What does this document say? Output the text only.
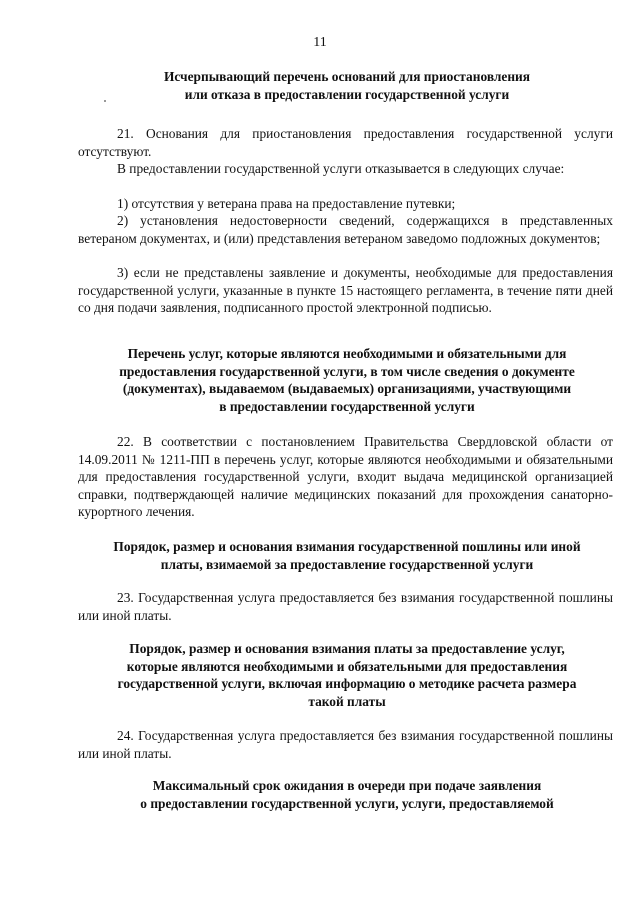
11
Исчерпывающий перечень оснований для приостановления
или отказа в предоставлении государственной услуги
21. Основания для приостановления предоставления государственной услуги отсутствуют.
В предоставлении государственной услуги отказывается в следующих случае:
1) отсутствия у ветерана права на предоставление путевки;
2) установления недостоверности сведений, содержащихся в представленных ветераном документах, и (или) представления ветераном заведомо подложных документов;
3) если не представлены заявление и документы, необходимые для предоставления государственной услуги, указанные в пункте 15 настоящего регламента, в течение пяти дней со дня подачи заявления, подписанного простой электронной подписью.
Перечень услуг, которые являются необходимыми и обязательными для
предоставления государственной услуги, в том числе сведения о документе
(документах), выдаваемом (выдаваемых) организациями, участвующими
в предоставлении государственной услуги
22. В соответствии с постановлением Правительства Свердловской области от 14.09.2011 № 1211-ПП в перечень услуг, которые являются необходимыми и обязательными для предоставления государственной услуги, входит выдача медицинской организацией справки, подтверждающей наличие медицинских показаний для прохождения санаторно-курортного лечения.
Порядок, размер и основания взимания государственной пошлины или иной
платы, взимаемой за предоставление государственной услуги
23. Государственная услуга предоставляется без взимания государственной пошлины или иной платы.
Порядок, размер и основания взимания платы за предоставление услуг,
которые являются необходимыми и обязательными для предоставления
государственной услуги, включая информацию о методике расчета размера
такой платы
24. Государственная услуга предоставляется без взимания государственной пошлины или иной платы.
Максимальный срок ожидания в очереди при подаче заявления
о предоставлении государственной услуги, услуги, предоставляемой
